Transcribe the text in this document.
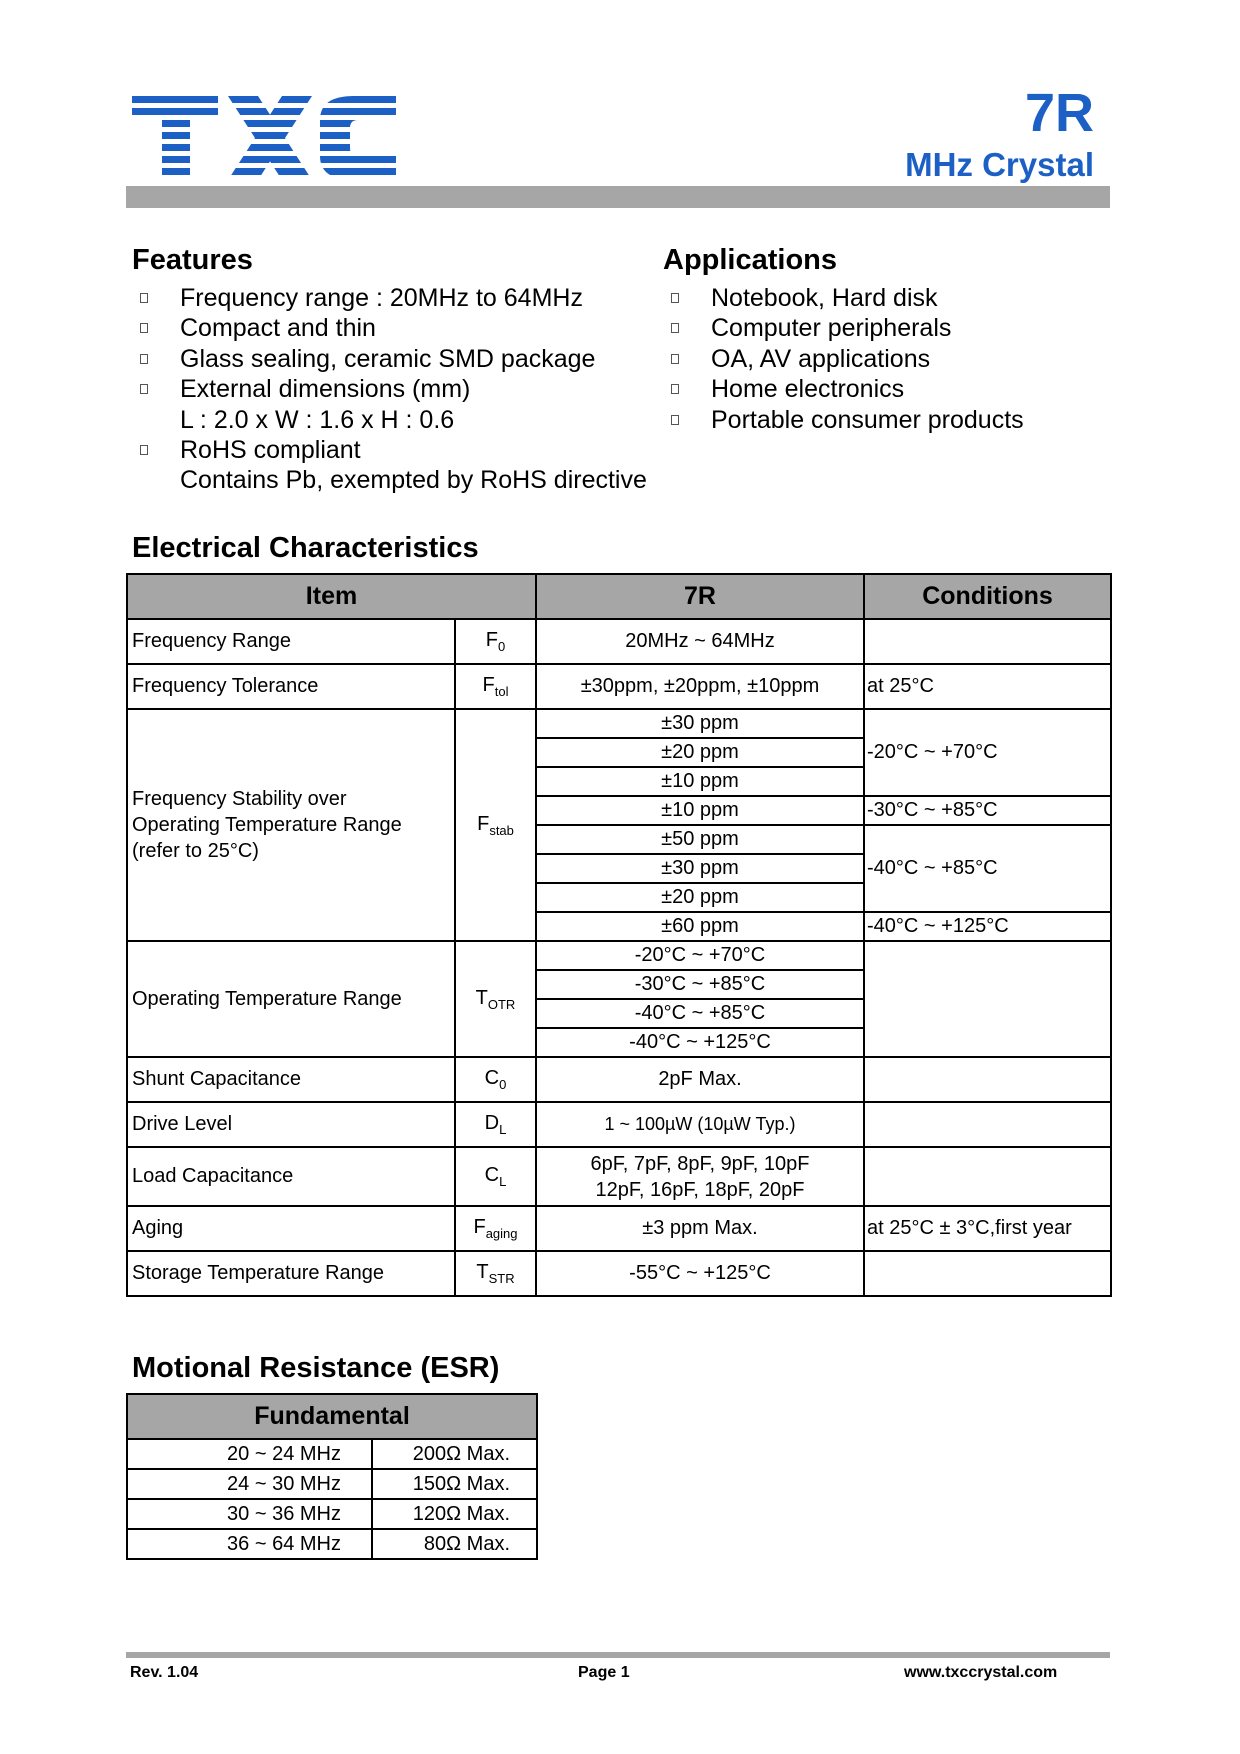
7R
MHz Crystal
Features
Frequency range : 20MHz to 64MHz
Compact and thin
Glass sealing, ceramic SMD package
External dimensions (mm)
L : 2.0 x W : 1.6 x H : 0.6
RoHS compliant
Contains Pb, exempted by RoHS directive
Applications
Notebook, Hard disk
Computer peripherals
OA, AV applications
Home electronics
Portable consumer products
Electrical Characteristics
Item		7R	Conditions
Frequency Range	$F_0$	20MHz ~ 64MHz	
Frequency Tolerance	$F_{tol}$	±30ppm, ±20ppm, ±10ppm	at 25°C

Frequency Stability over
Operating Temperature Range
(refer to 25°C)	$F_{stab}$	±30 ppm	-20°C ~ +70°C
		±20 ppm	
		±10 ppm	
		±10 ppm	-30°C ~ +85°C
		±50 ppm	-40°C ~ +85°C
		±30 ppm	
		±20 ppm	
		±60 ppm	-40°C ~ +125°C
Operating Temperature Range	$T_{OTR}$	-20°C ~ +70°C	
		-30°C ~ +85°C	
		-40°C ~ +85°C	
		-40°C ~ +125°C	
Shunt Capacitance	$C_0$	2pF Max.	
Drive Level	$D_L$	1 ~ 100µW (10µW Typ.)	
Load Capacitance	$C_L$	6pF, 7pF, 8pF, 9pF, 10pF
12pF, 16pF, 18pF, 20pF	

Aging	$F_{aging}$	±3 ppm Max.	at 25°C ± 3°C,first year
Storage Temperature Range	$T_{STR}$	-55°C ~ +125°C	
Motional Resistance (ESR)
Fundamental	
20 ~ 24 MHz	200Ω Max.
24 ~ 30 MHz	150Ω Max.
30 ~ 36 MHz	120Ω Max.
36 ~ 64 MHz	80Ω Max.
Rev. 1.04	Page 1	www.txccrystal.com
